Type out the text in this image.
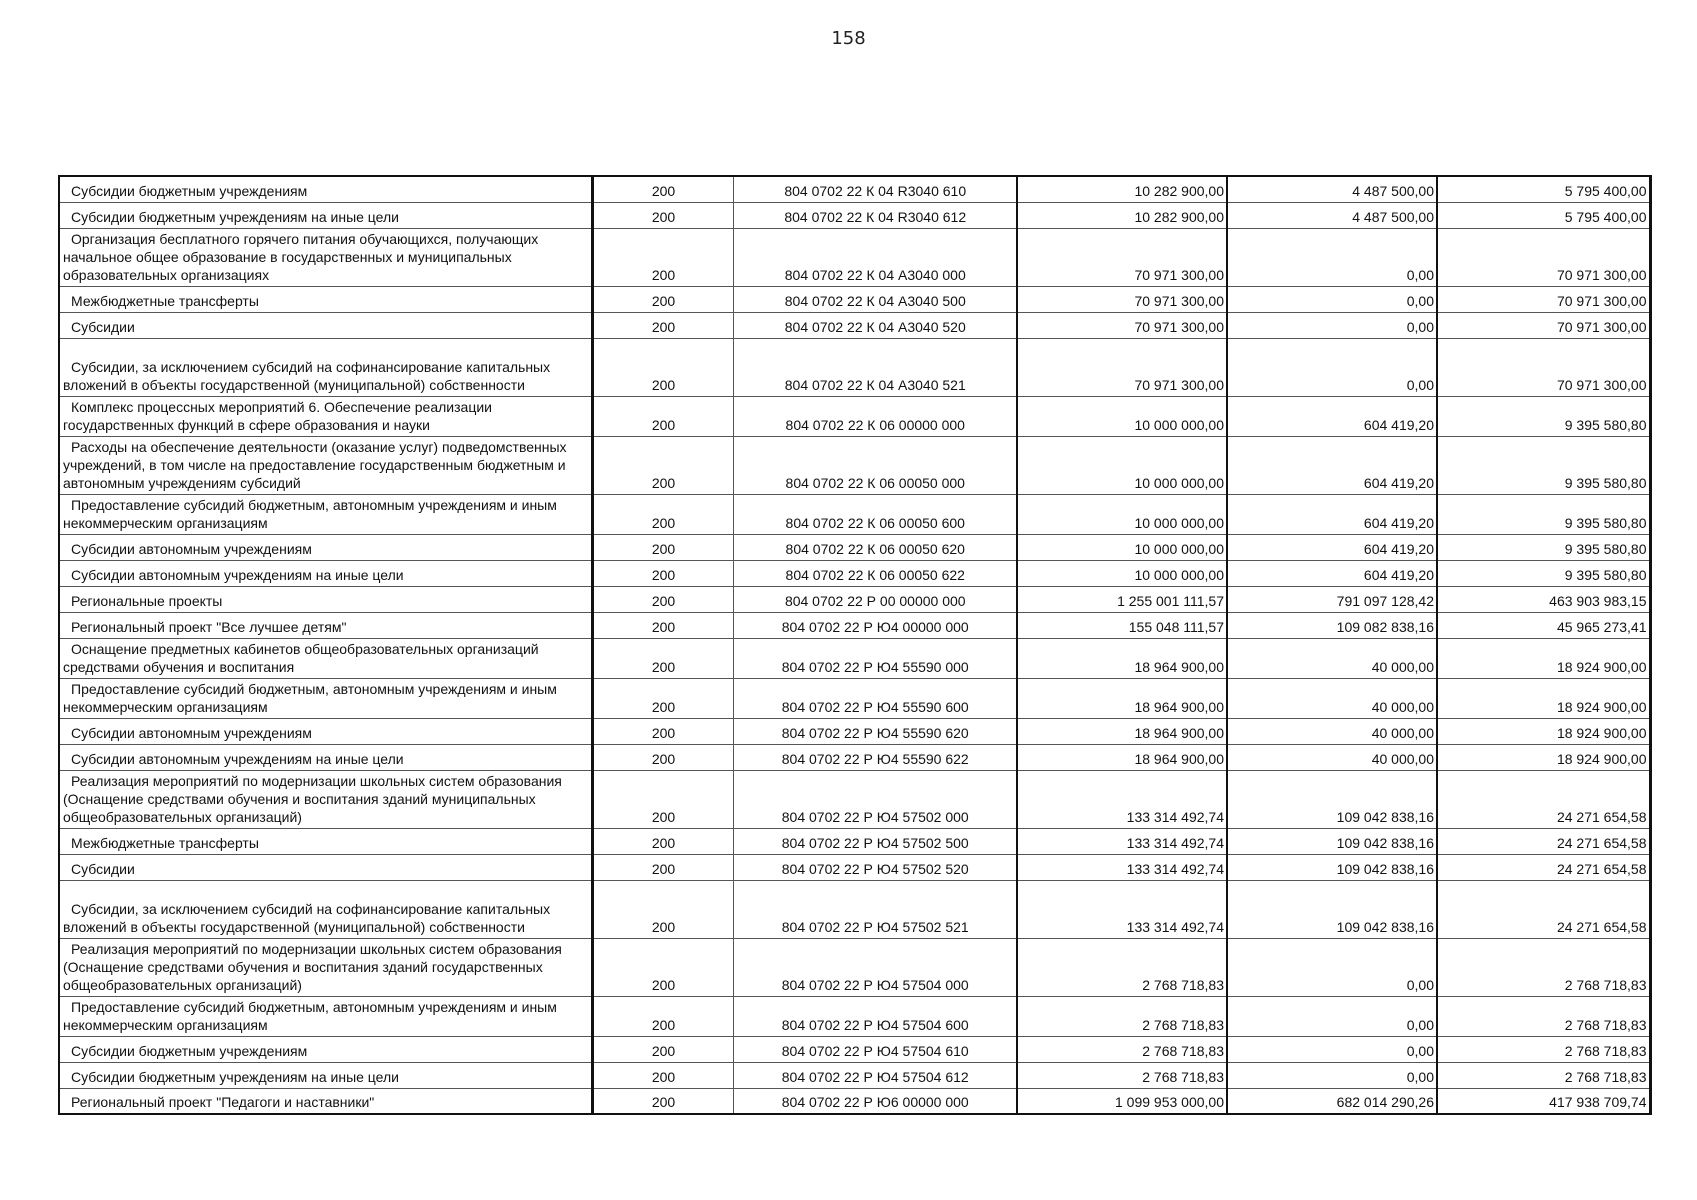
158
Субсидии бюджетным учреждениям	200	804 0702 22 К 04 R3040 610	10 282 900,00	4 487 500,00	5 795 400,00
Субсидии бюджетным учреждениям на иные цели	200	804 0702 22 К 04 R3040 612	10 282 900,00	4 487 500,00	5 795 400,00
Организация бесплатного горячего питания обучающихся, получающих начальное общее образование в государственных и муниципальных образовательных организациях	200	804 0702 22 К 04 А3040 000	70 971 300,00	0,00	70 971 300,00
Межбюджетные трансферты	200	804 0702 22 К 04 А3040 500	70 971 300,00	0,00	70 971 300,00
Субсидии	200	804 0702 22 К 04 А3040 520	70 971 300,00	0,00	70 971 300,00
Субсидии, за исключением субсидий на софинансирование капитальных вложений в объекты государственной (муниципальной) собственности	200	804 0702 22 К 04 А3040 521	70 971 300,00	0,00	70 971 300,00
Комплекс процессных мероприятий 6. Обеспечение реализации государственных функций в сфере образования и науки	200	804 0702 22 К 06 00000 000	10 000 000,00	604 419,20	9 395 580,80
Расходы на обеспечение деятельности (оказание услуг) подведомственных учреждений, в том числе на предоставление государственным бюджетным и автономным учреждениям субсидий	200	804 0702 22 К 06 00050 000	10 000 000,00	604 419,20	9 395 580,80
Предоставление субсидий бюджетным, автономным учреждениям и иным некоммерческим организациям	200	804 0702 22 К 06 00050 600	10 000 000,00	604 419,20	9 395 580,80
Субсидии автономным учреждениям	200	804 0702 22 К 06 00050 620	10 000 000,00	604 419,20	9 395 580,80
Субсидии автономным учреждениям на иные цели	200	804 0702 22 К 06 00050 622	10 000 000,00	604 419,20	9 395 580,80
Региональные проекты	200	804 0702 22 Р 00 00000 000	1 255 001 111,57	791 097 128,42	463 903 983,15
Региональный проект "Все лучшее детям"	200	804 0702 22 Р Ю4 00000 000	155 048 111,57	109 082 838,16	45 965 273,41
Оснащение предметных кабинетов общеобразовательных организаций средствами обучения и воспитания	200	804 0702 22 Р Ю4 55590 000	18 964 900,00	40 000,00	18 924 900,00
Предоставление субсидий бюджетным, автономным учреждениям и иным некоммерческим организациям	200	804 0702 22 Р Ю4 55590 600	18 964 900,00	40 000,00	18 924 900,00
Субсидии автономным учреждениям	200	804 0702 22 Р Ю4 55590 620	18 964 900,00	40 000,00	18 924 900,00
Субсидии автономным учреждениям на иные цели	200	804 0702 22 Р Ю4 55590 622	18 964 900,00	40 000,00	18 924 900,00
Реализация мероприятий по модернизации школьных систем образования (Оснащение средствами обучения и воспитания зданий муниципальных общеобразовательных организаций)	200	804 0702 22 Р Ю4 57502 000	133 314 492,74	109 042 838,16	24 271 654,58
Межбюджетные трансферты	200	804 0702 22 Р Ю4 57502 500	133 314 492,74	109 042 838,16	24 271 654,58
Субсидии	200	804 0702 22 Р Ю4 57502 520	133 314 492,74	109 042 838,16	24 271 654,58
Субсидии, за исключением субсидий на софинансирование капитальных вложений в объекты государственной (муниципальной) собственности	200	804 0702 22 Р Ю4 57502 521	133 314 492,74	109 042 838,16	24 271 654,58
Реализация мероприятий по модернизации школьных систем образования (Оснащение средствами обучения и воспитания зданий государственных общеобразовательных организаций)	200	804 0702 22 Р Ю4 57504 000	2 768 718,83	0,00	2 768 718,83
Предоставление субсидий бюджетным, автономным учреждениям и иным некоммерческим организациям	200	804 0702 22 Р Ю4 57504 600	2 768 718,83	0,00	2 768 718,83
Субсидии бюджетным учреждениям	200	804 0702 22 Р Ю4 57504 610	2 768 718,83	0,00	2 768 718,83
Субсидии бюджетным учреждениям на иные цели	200	804 0702 22 Р Ю4 57504 612	2 768 718,83	0,00	2 768 718,83
Региональный проект "Педагоги и наставники"	200	804 0702 22 Р Ю6 00000 000	1 099 953 000,00	682 014 290,26	417 938 709,74
